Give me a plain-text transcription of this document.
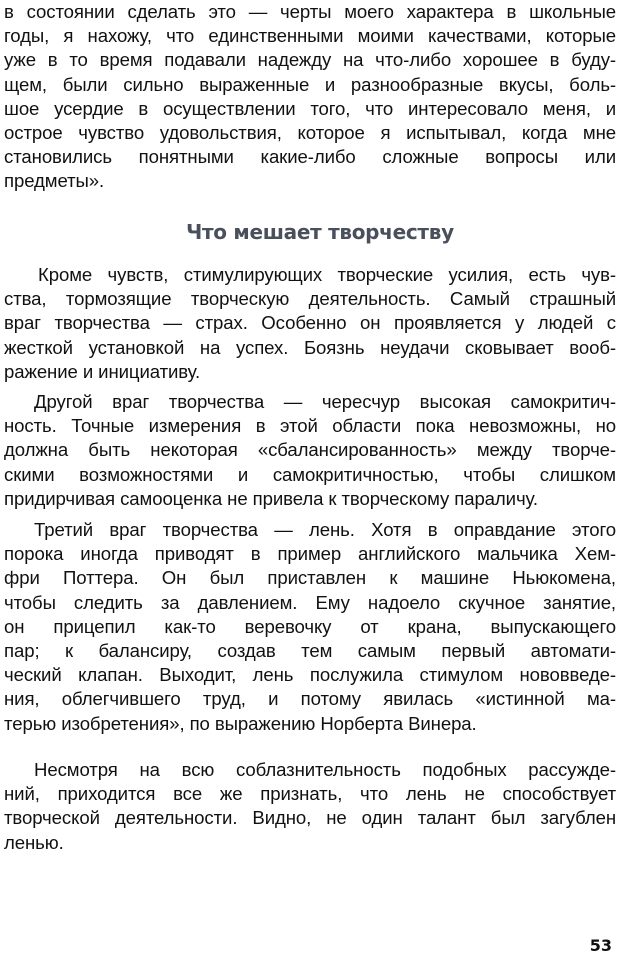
в состоянии сделать это — черты моего характера в школьные
годы, я нахожу, что единственными моими качествами, которые
уже в то время подавали надежду на что-либо хорошее в буду-
щем, были сильно выраженные и разнообразные вкусы, боль-
шое усердие в осуществлении того, что интересовало меня, и
острое чувство удовольствия, которое я испытывал, когда мне
становились понятными какие-либо сложные вопросы или
предметы».
Что мешает творчеству
Кроме чувств, стимулирующих творческие усилия, есть чув-
ства, тормозящие творческую деятельность. Самый страшный
враг творчества — страх. Особенно он проявляется у людей с
жесткой установкой на успех. Боязнь неудачи сковывает вооб-
ражение и инициативу.
Другой враг творчества — чересчур высокая самокритич-
ность. Точные измерения в этой области пока невозможны, но
должна быть некоторая «сбалансированность» между творче-
скими возможностями и самокритичностью, чтобы слишком
придирчивая самооценка не привела к творческому параличу.
Третий враг творчества — лень. Хотя в оправдание этого
порока иногда приводят в пример английского мальчика Хем-
фри Поттера. Он был приставлен к машине Ньюкомена,
чтобы следить за давлением. Ему надоело скучное занятие,
он прицепил как-то веревочку от крана, выпускающего
пар; к балансиру, создав тем самым первый автомати-
ческий клапан. Выходит, лень послужила стимулом нововведе-
ния, облегчившего труд, и потому явилась «истинной ма-
терью изобретения», по выражению Норберта Винера.
Несмотря на всю соблазнительность подобных рассужде-
ний, приходится все же признать, что лень не способствует
творческой деятельности. Видно, не один талант был загублен
ленью.
53
